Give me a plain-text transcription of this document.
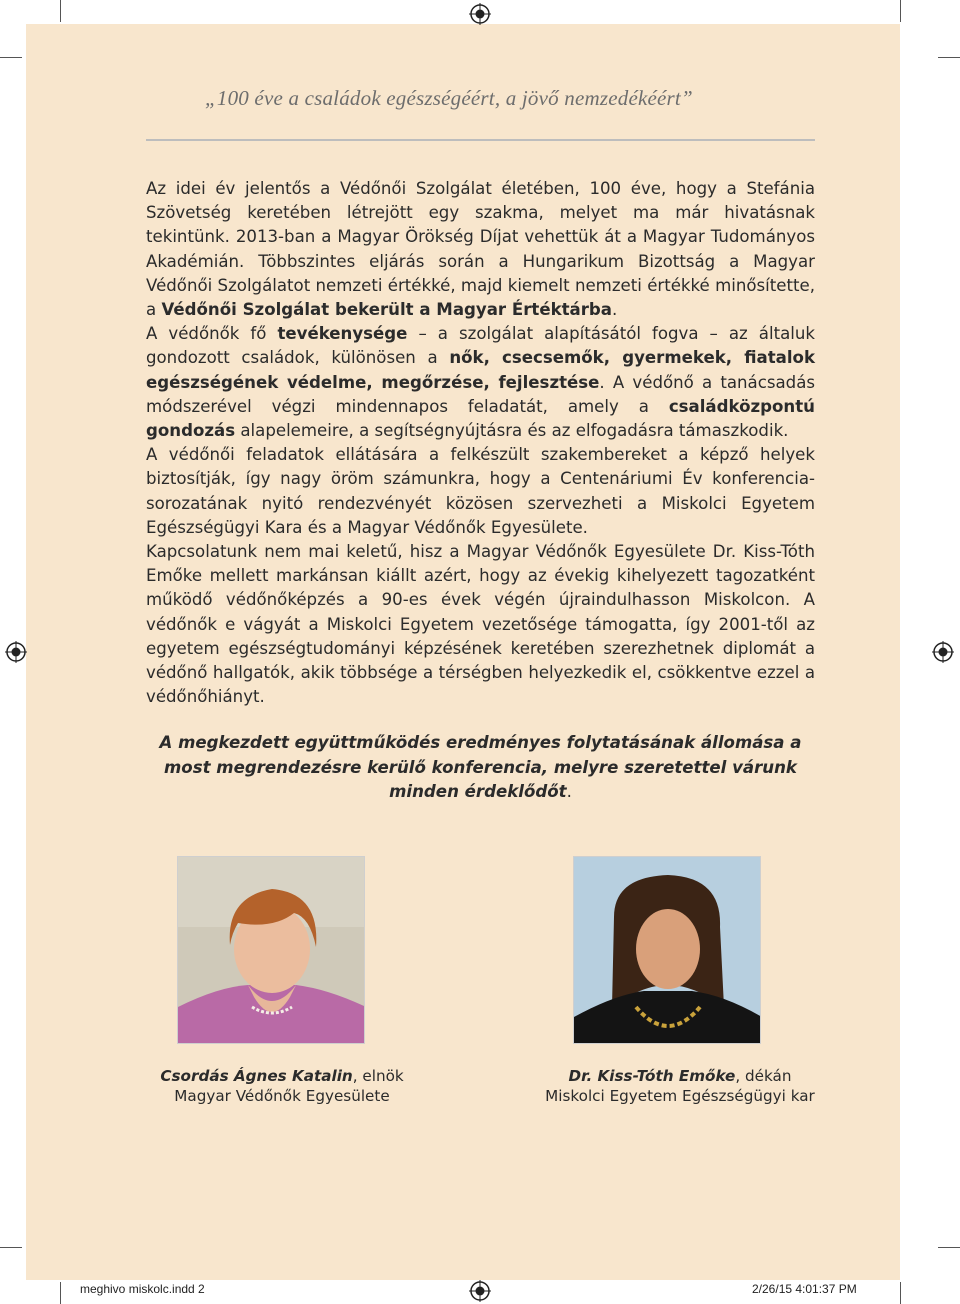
„100 éve a családok egészségéért, a jövő nemzedékéért”

Az idei év jelentős a Védőnői Szolgálat életében, 100 éve, hogy a Stefánia Szövetség keretében létrejött egy szakma, melyet ma már hivatásnak tekintünk. 2013-ban a Magyar Örökség Díjat vehettük át a Magyar Tudományos Akadémián. Többszintes eljárás során a Hungarikum Bizottság a Magyar Védőnői Szolgálatot nemzeti értékké, majd kiemelt nemzeti értékké minősítette, a Védőnői Szolgálat bekerült a Magyar Értéktárba.

A védőnők fő tevékenysége – a szolgálat alapításától fogva – az általuk gondozott családok, különösen a nők, csecsemők, gyermekek, fiatalok egészségének védelme, megőrzése, fejlesztése. A védőnő a tanácsadás módszerével végzi mindennapos feladatát, amely a családközpontú gondozás alapelemeire, a segítségnyújtásra és az elfogadásra támaszkodik.

A védőnői feladatok ellátására a felkészült szakembereket a képző helyek biztosítják, így nagy öröm számunkra, hogy a Centenáriumi Év konferencia-sorozatának nyitó rendezvényét közösen szervezheti a Miskolci Egyetem Egészségügyi Kara és a Magyar Védőnők Egyesülete.

Kapcsolatunk nem mai keletű, hisz a Magyar Védőnők Egyesülete Dr. Kiss-Tóth Emőke mellett markánsan kiállt azért, hogy az évekig kihelyezett tagozatként működő védőnőképzés a 90-es évek végén újraindulhasson Miskolcon. A védőnők e vágyát a Miskolci Egyetem vezetősége támogatta, így 2001-től az egyetem egészségtudományi képzésének keretében szerezhetnek diplomát a védőnő hallgatók, akik többsége a térségben helyezkedik el, csökkentve ezzel a védőnőhiányt.

A megkezdett együttműködés eredményes folytatásának állomása a most megrendezésre kerülő konferencia, melyre szeretettel várunk minden érdeklődőt.
Csordás Ágnes Katalin, elnök
Magyar Védőnők Egyesülete
Dr. Kiss-Tóth Emőke, dékán
Miskolci Egyetem Egészségügyi kar
meghivo miskolc.indd 2	2/26/15 4:01:37 PM
